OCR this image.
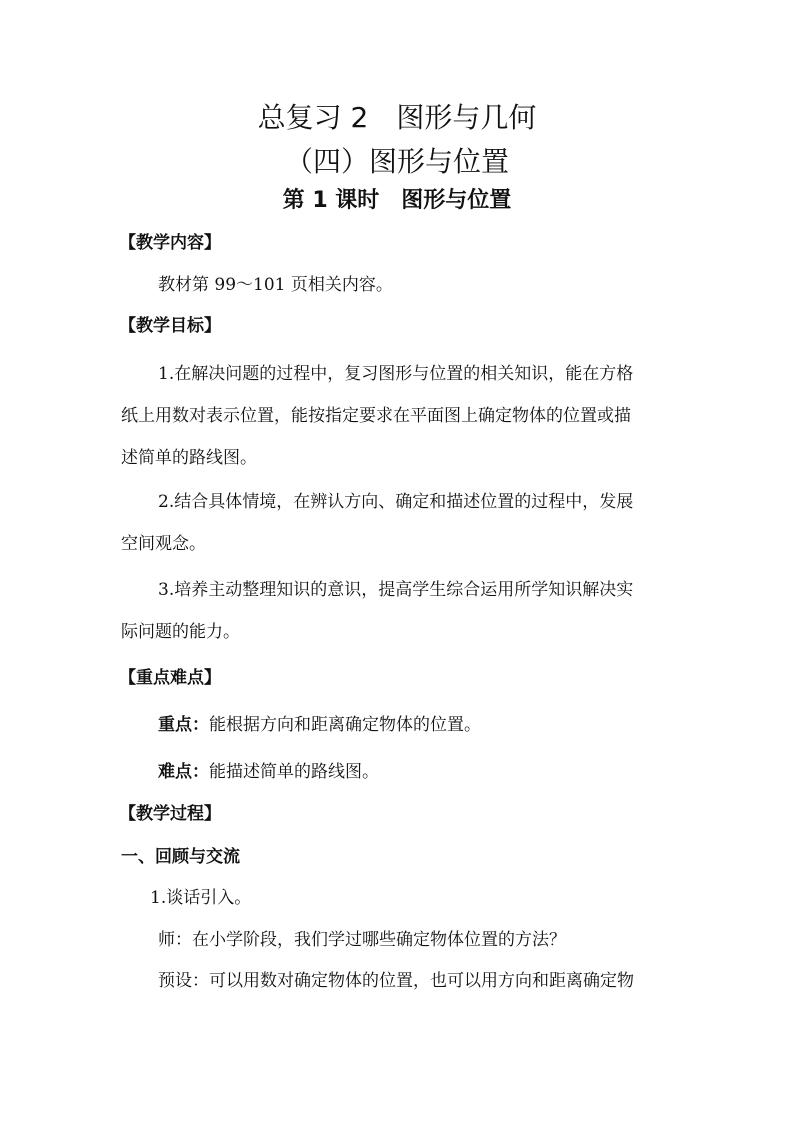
总复习 2　图形与几何
（四）图形与位置
第 1 课时　图形与位置
【教学内容】
教材第 99～101 页相关内容。
【教学目标】
1.在解决问题的过程中，复习图形与位置的相关知识，能在方格
纸上用数对表示位置，能按指定要求在平面图上确定物体的位置或描
述简单的路线图。
2.结合具体情境，在辨认方向、确定和描述位置的过程中，发展
空间观念。
3.培养主动整理知识的意识，提高学生综合运用所学知识解决实
际问题的能力。
【重点难点】
重点：能根据方向和距离确定物体的位置。
难点：能描述简单的路线图。
【教学过程】
一、回顾与交流
1.谈话引入。
师：在小学阶段，我们学过哪些确定物体位置的方法？
预设：可以用数对确定物体的位置，也可以用方向和距离确定物
